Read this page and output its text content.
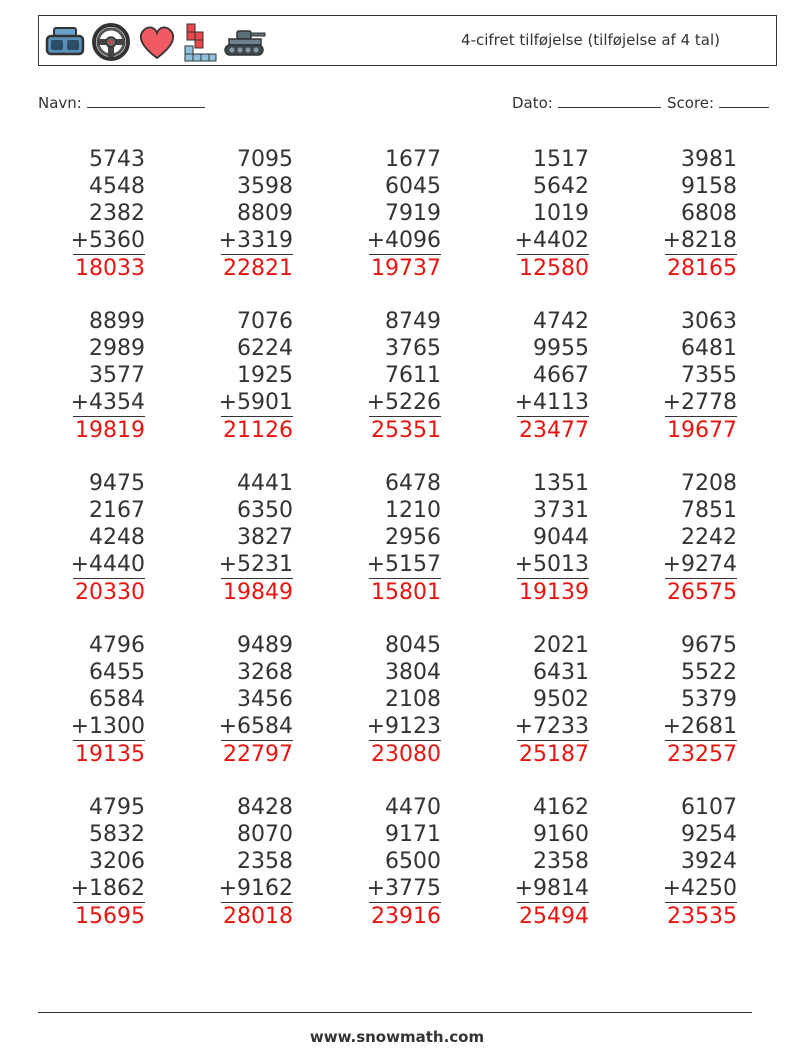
4-cifret tilføjelse (tilføjelse af 4 tal)
Navn:	Dato:	Score:
5743
4548
2382
+5360
18033
7095
3598
8809
+3319
22821
1677
6045
7919
+4096
19737
1517
5642
1019
+4402
12580
3981
9158
6808
+8218
28165
8899
2989
3577
+4354
19819
7076
6224
1925
+5901
21126
8749
3765
7611
+5226
25351
4742
9955
4667
+4113
23477
3063
6481
7355
+2778
19677
9475
2167
4248
+4440
20330
4441
6350
3827
+5231
19849
6478
1210
2956
+5157
15801
1351
3731
9044
+5013
19139
7208
7851
2242
+9274
26575
4796
6455
6584
+1300
19135
9489
3268
3456
+6584
22797
8045
3804
2108
+9123
23080
2021
6431
9502
+7233
25187
9675
5522
5379
+2681
23257
4795
5832
3206
+1862
15695
8428
8070
2358
+9162
28018
4470
9171
6500
+3775
23916
4162
9160
2358
+9814
25494
6107
9254
3924
+4250
23535
www.snowmath.com
